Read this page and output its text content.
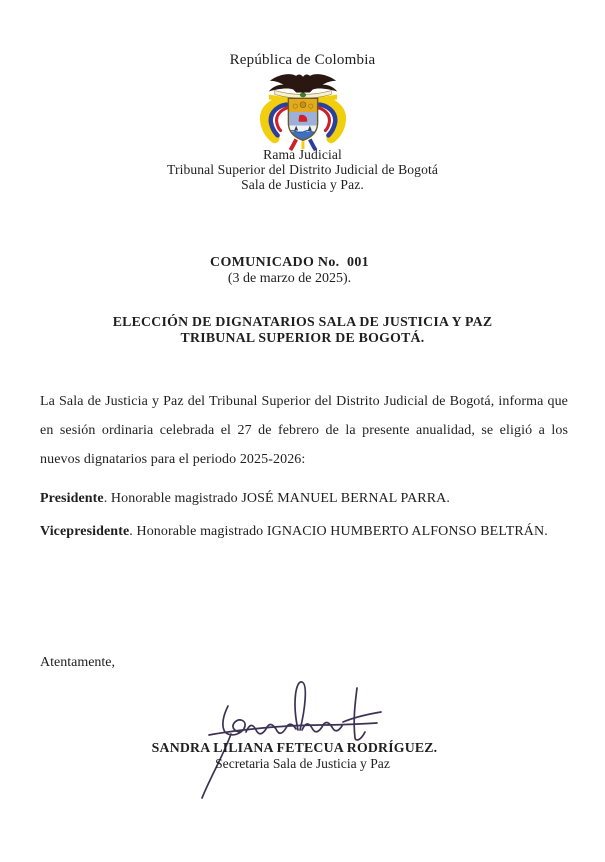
República de Colombia
Rama Judicial
Tribunal Superior del Distrito Judicial de Bogotá
Sala de Justicia y Paz.
COMUNICADO No.  001
(3 de marzo de 2025).
ELECCIÓN DE DIGNATARIOS SALA DE JUSTICIA Y PAZ
TRIBUNAL SUPERIOR DE BOGOTÁ.

La Sala de Justicia y Paz del Tribunal Superior del Distrito Judicial de Bogotá, informa que en sesión ordinaria celebrada el 27 de febrero de la presente anualidad, se eligió a los nuevos dignatarios para el periodo 2025-2026:

Presidente. Honorable magistrado JOSÉ MANUEL BERNAL PARRA.

Vicepresidente. Honorable magistrado IGNACIO HUMBERTO ALFONSO BELTRÁN.

Atentamente,
SANDRA LILIANA FETECUA RODRÍGUEZ.
Secretaria Sala de Justicia y Paz
